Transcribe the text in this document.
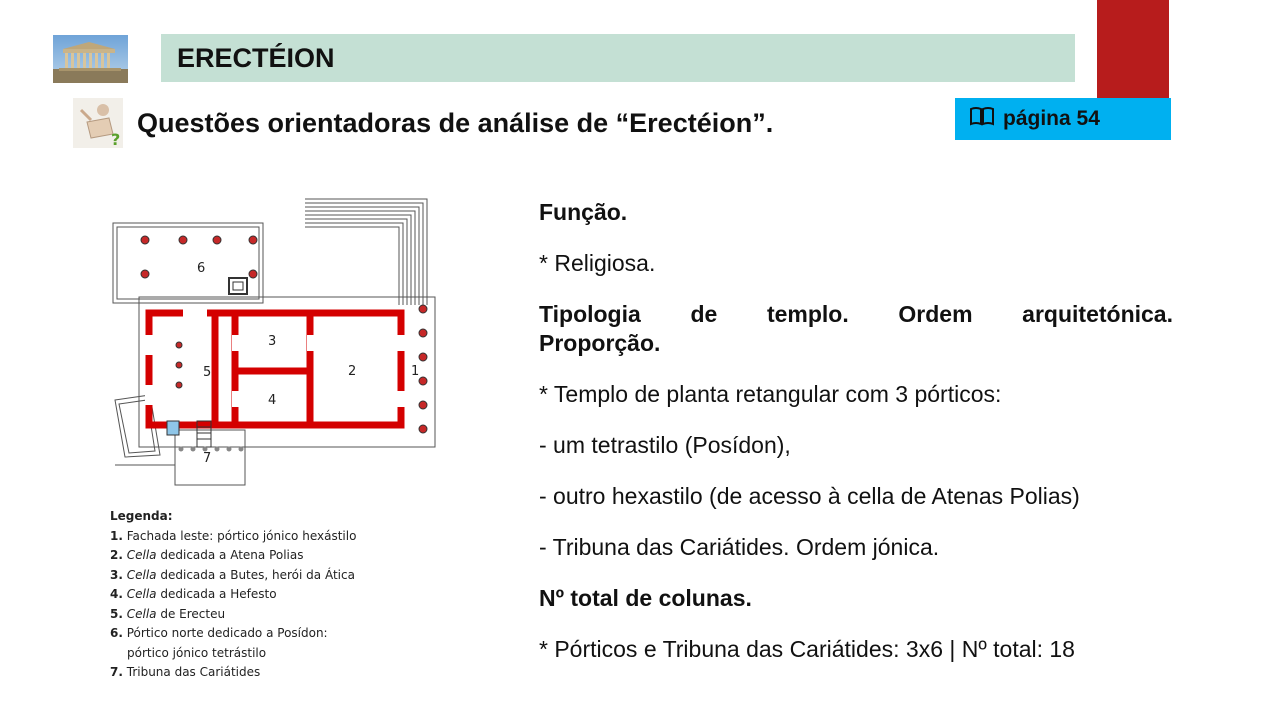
ERECTÉION
página 54
?
Questões orientadoras de análise de “Erectéion”.
1
2
3
4
5
6
7
Legenda:
1. Fachada leste: pórtico jónico hexástilo
2. Cella dedicada a Atena Polias
3. Cella dedicada a Butes, herói da Ática
4. Cella dedicada a Hefesto
5. Cella de Erecteu
6. Pórtico norte dedicado a Posídon:
pórtico jónico tetrástilo
7. Tribuna das Cariátides

Função.

* Religiosa.

Tipologia de templo. Ordem arquitetónica.
Proporção.

* Templo de planta retangular com 3 pórticos:

- um tetrastilo (Posídon),

- outro hexastilo (de acesso à cella de Atenas Polias)

- Tribuna das Cariátides. Ordem jónica.

Nº total de colunas.

* Pórticos e Tribuna das Cariátides: 3x6 | Nº total: 18
